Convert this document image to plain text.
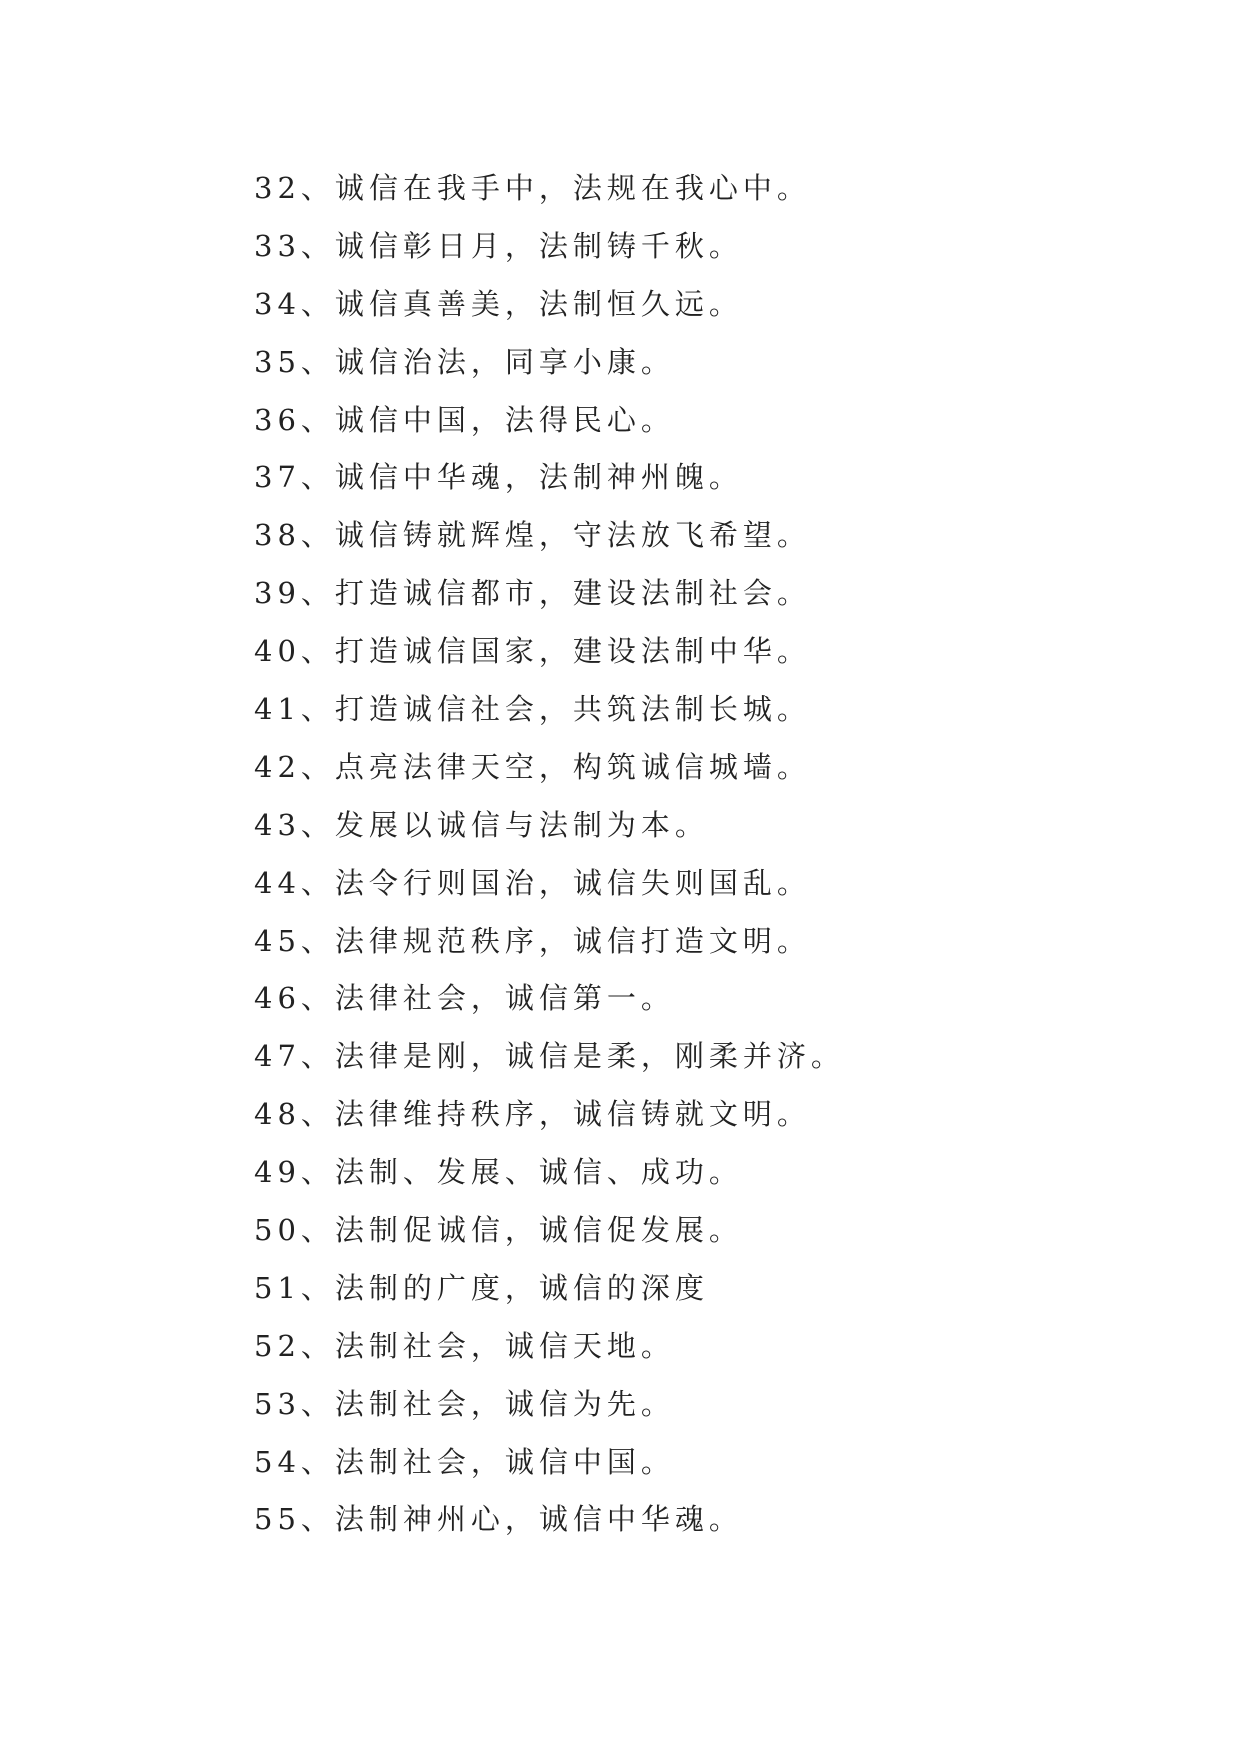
32、诚信在我手中，法规在我心中。
33、诚信彰日月，法制铸千秋。
34、诚信真善美，法制恒久远。
35、诚信治法，同享小康。
36、诚信中国，法得民心。
37、诚信中华魂，法制神州魄。
38、诚信铸就辉煌，守法放飞希望。
39、打造诚信都市，建设法制社会。
40、打造诚信国家，建设法制中华。
41、打造诚信社会，共筑法制长城。
42、点亮法律天空，构筑诚信城墙。
43、发展以诚信与法制为本。
44、法令行则国治，诚信失则国乱。
45、法律规范秩序，诚信打造文明。
46、法律社会，诚信第一。
47、法律是刚，诚信是柔，刚柔并济。
48、法律维持秩序，诚信铸就文明。
49、法制、发展、诚信、成功。
50、法制促诚信，诚信促发展。
51、法制的广度，诚信的深度
52、法制社会，诚信天地。
53、法制社会，诚信为先。
54、法制社会，诚信中国。
55、法制神州心，诚信中华魂。
